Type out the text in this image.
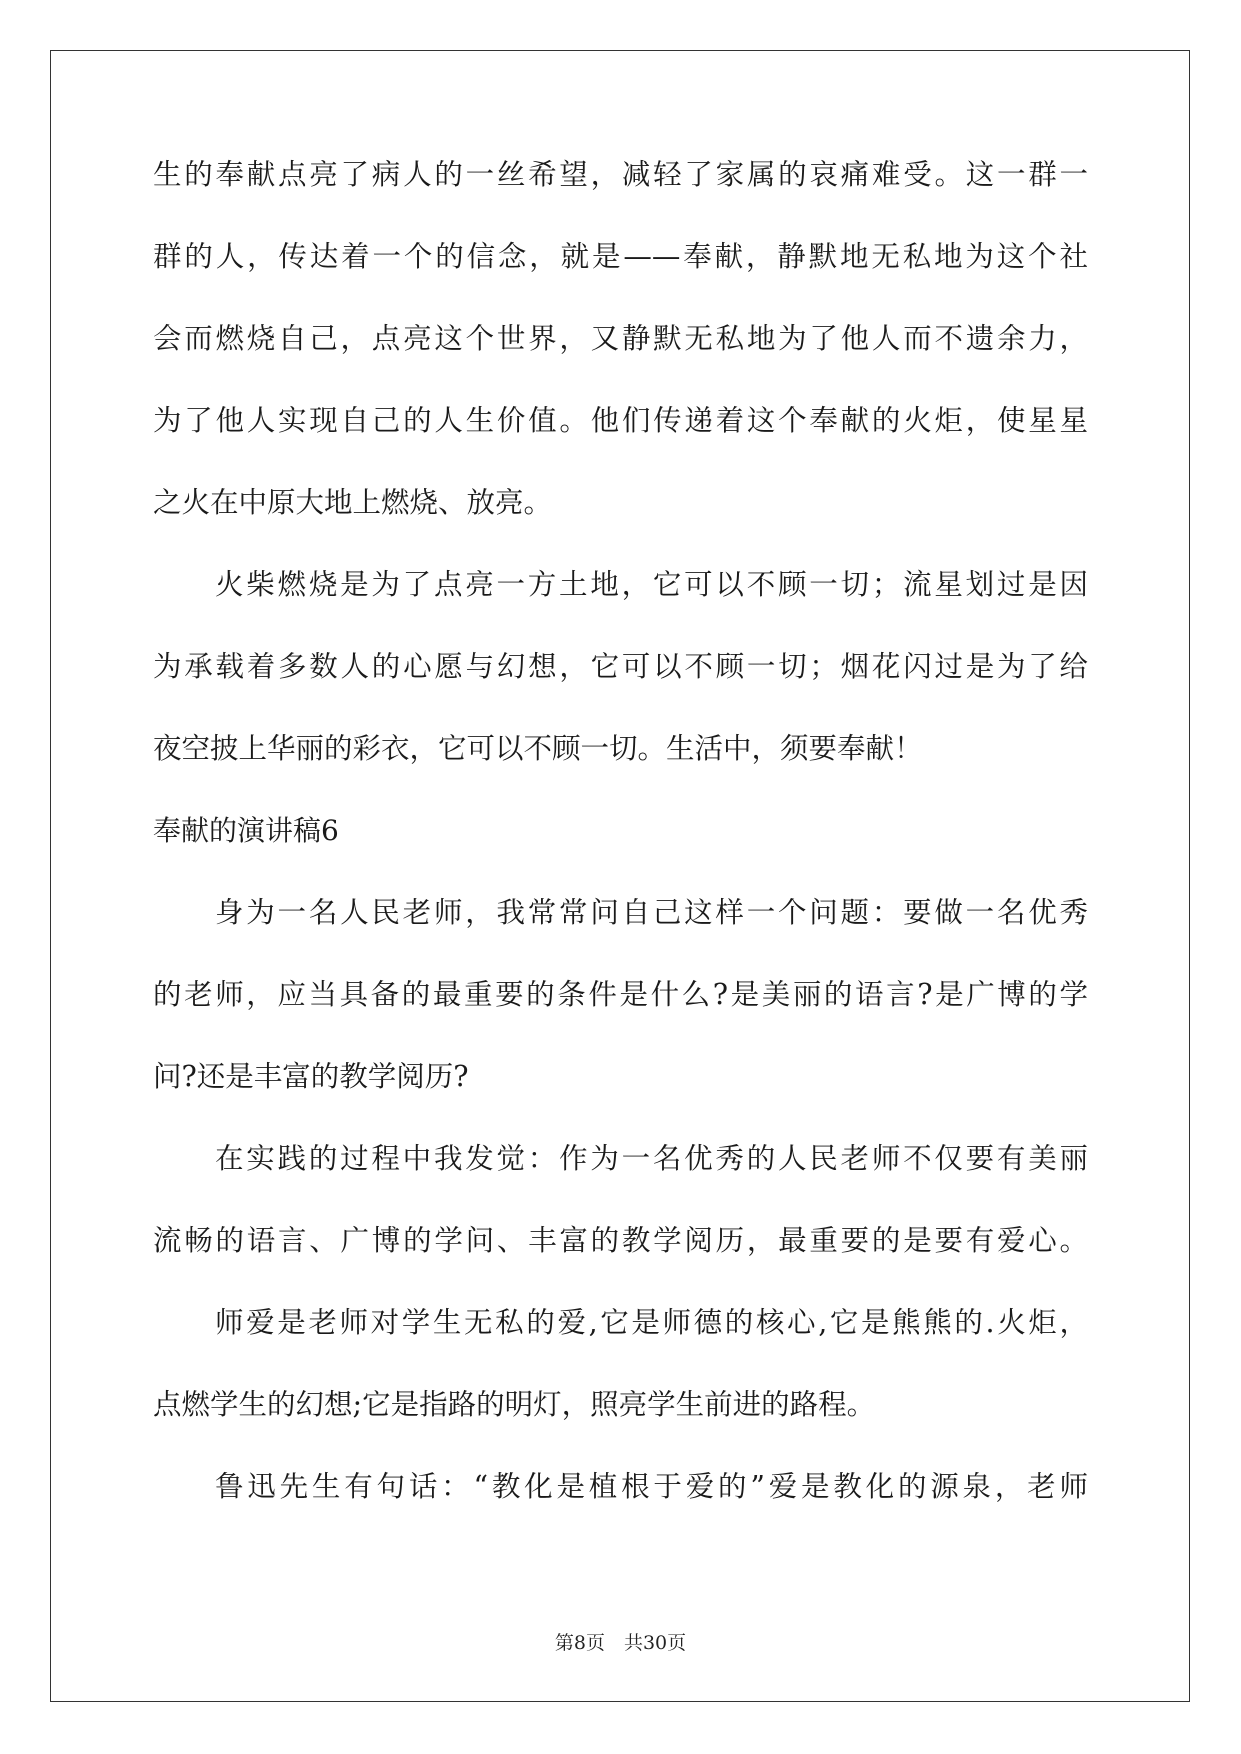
生的奉献点亮了病人的一丝希望，减轻了家属的哀痛难受。这一群一
群的人，传达着一个的信念，就是——奉献，静默地无私地为这个社
会而燃烧自己，点亮这个世界，又静默无私地为了他人而不遗余力，
为了他人实现自己的人生价值。他们传递着这个奉献的火炬，使星星
之火在中原大地上燃烧、放亮。
火柴燃烧是为了点亮一方土地，它可以不顾一切；流星划过是因
为承载着多数人的心愿与幻想，它可以不顾一切；烟花闪过是为了给
夜空披上华丽的彩衣，它可以不顾一切。生活中，须要奉献！
奉献的演讲稿6
身为一名人民老师，我常常问自己这样一个问题：要做一名优秀
的老师，应当具备的最重要的条件是什么?是美丽的语言?是广博的学
问?还是丰富的教学阅历?
在实践的过程中我发觉：作为一名优秀的人民老师不仅要有美丽
流畅的语言、广博的学问、丰富的教学阅历，最重要的是要有爱心。
师爱是老师对学生无私的爱,它是师德的核心,它是熊熊的.火炬，
点燃学生的幻想;它是指路的明灯，照亮学生前进的路程。
鲁迅先生有句话：“教化是植根于爱的”爱是教化的源泉，老师
第8页　共30页
